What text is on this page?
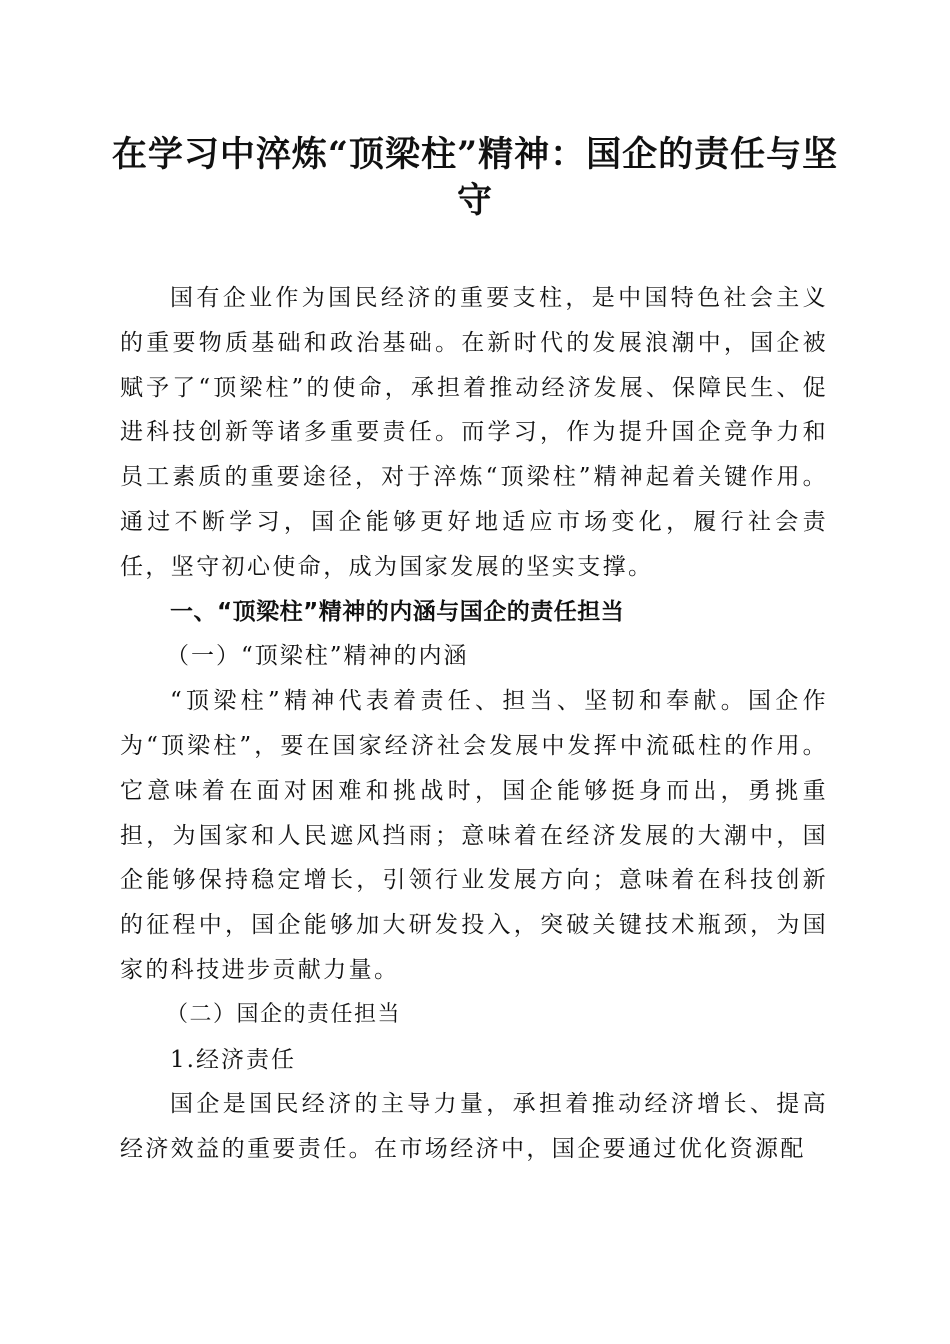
在学习中淬炼“顶梁柱”精神：国企的责任与坚守

国有企业作为国民经济的重要支柱，是中国特色社会主义的重要物质基础和政治基础。在新时代的发展浪潮中，国企被赋予了“顶梁柱”的使命，承担着推动经济发展、保障民生、促进科技创新等诸多重要责任。而学习，作为提升国企竞争力和员工素质的重要途径，对于淬炼“顶梁柱”精神起着关键作用。通过不断学习，国企能够更好地适应市场变化，履行社会责任，坚守初心使命，成为国家发展的坚实支撑。

一、“顶梁柱”精神的内涵与国企的责任担当

（一）“顶梁柱”精神的内涵

“顶梁柱”精神代表着责任、担当、坚韧和奉献。国企作为“顶梁柱”，要在国家经济社会发展中发挥中流砥柱的作用。它意味着在面对困难和挑战时，国企能够挺身而出，勇挑重担，为国家和人民遮风挡雨；意味着在经济发展的大潮中，国企能够保持稳定增长，引领行业发展方向；意味着在科技创新的征程中，国企能够加大研发投入，突破关键技术瓶颈，为国家的科技进步贡献力量。

（二）国企的责任担当

1.经济责任

国企是国民经济的主导力量，承担着推动经济增长、提高经济效益的重要责任。在市场经济中，国企要通过优化资源配
